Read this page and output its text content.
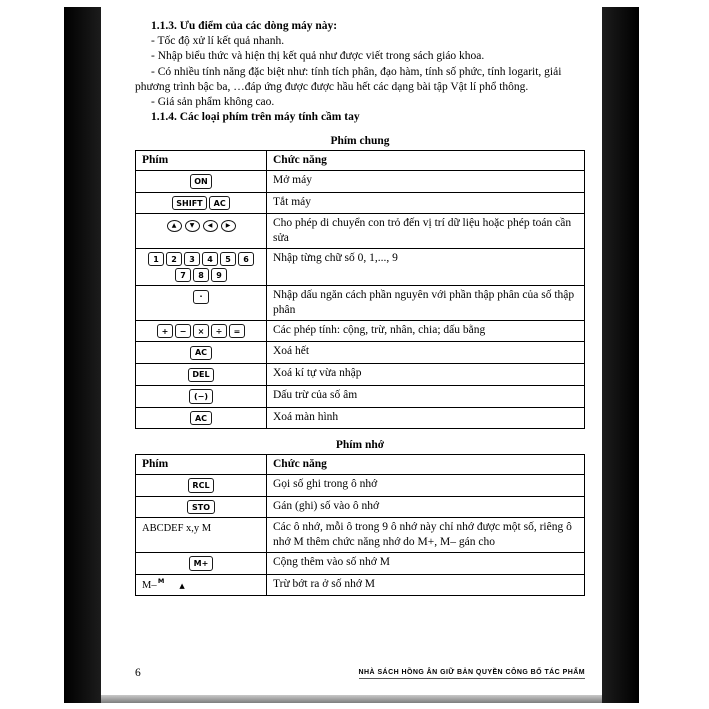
1.1.3. Ưu điểm của các dòng máy này:

- Tốc độ xử lí kết quả nhanh.

- Nhập biểu thức và hiện thị kết quả như được viết trong sách giáo khoa.

- Có nhiều tính năng đặc biệt như: tính tích phân, đạo hàm, tính số phức, tính logarit, giải phương trình bậc ba, …đáp ứng được được hầu hết các dạng bài tập Vật lí phổ thông.

- Giá sản phẩm không cao.

1.1.4. Các loại phím trên máy tính cầm tay

Phím chung

Phím	Chức năng

ON	Mở máy

SHIFT AC	Tắt máy

▲ ▼ ◀ ▶	Cho phép di chuyển con trỏ đến vị trí dữ liệu hoặc phép toán cần sửa

1 2 3 4 5 6
7 8 9	Nhập từng chữ số 0, 1,..., 9

·	Nhập dấu ngăn cách phần nguyên với phần thập phân của số thập phân

+ − × ÷ =	Các phép tính: cộng, trừ, nhân, chia; dấu bằng

AC	Xoá hết

DEL	Xoá kí tự vừa nhập

(−)	Dấu trừ của số âm

AC	Xoá màn hình

Phím nhớ

Phím	Chức năng

RCL	Gọi số ghi trong ô nhớ

STO	Gán (ghi) số vào ô nhớ

ABCDEF x,y M	Các ô nhớ, mỗi ô trong 9 ô nhớ này chỉ nhớ được một số, riêng ô nhớ M thêm chức năng nhớ do M+, M– gán cho

M+	Cộng thêm vào số nhớ M

M–M▲	Trừ bớt ra ở số nhớ M
6	NHÀ SÁCH HỒNG ÂN GIỮ BẢN QUYỀN CÔNG BỐ TÁC PHẨM
